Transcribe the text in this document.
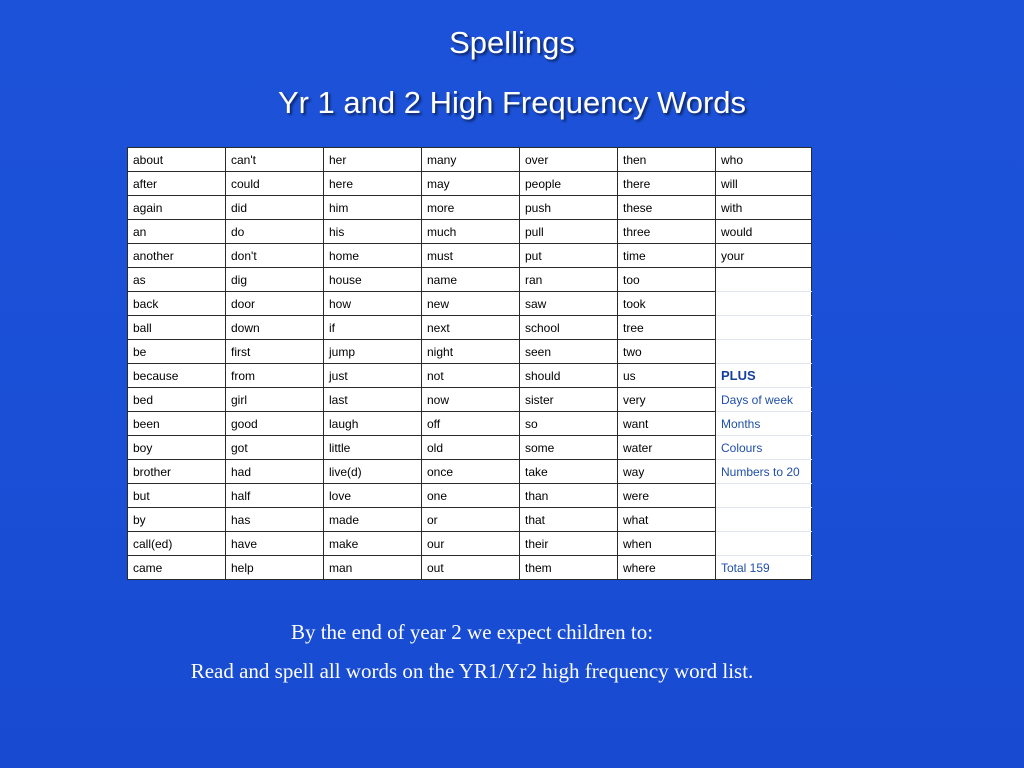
Spellings
Yr 1 and 2 High Frequency Words
about	can't	her	many	over	then	who
after	could	here	may	people	there	will
again	did	him	more	push	these	with
an	do	his	much	pull	three	would
another	don't	home	must	put	time	your
as	dig	house	name	ran	too	
back	door	how	new	saw	took	
ball	down	if	next	school	tree	
be	first	jump	night	seen	two	
because	from	just	not	should	us	PLUS
bed	girl	last	now	sister	very	Days of week
been	good	laugh	off	so	want	Months
boy	got	little	old	some	water	Colours
brother	had	live(d)	once	take	way	Numbers to 20
but	half	love	one	than	were	
by	has	made	or	that	what	
call(ed)	have	make	our	their	when	
came	help	man	out	them	where	Total 159
By the end of year 2 we expect children to:
Read and spell all words on the YR1/Yr2 high frequency word list.
